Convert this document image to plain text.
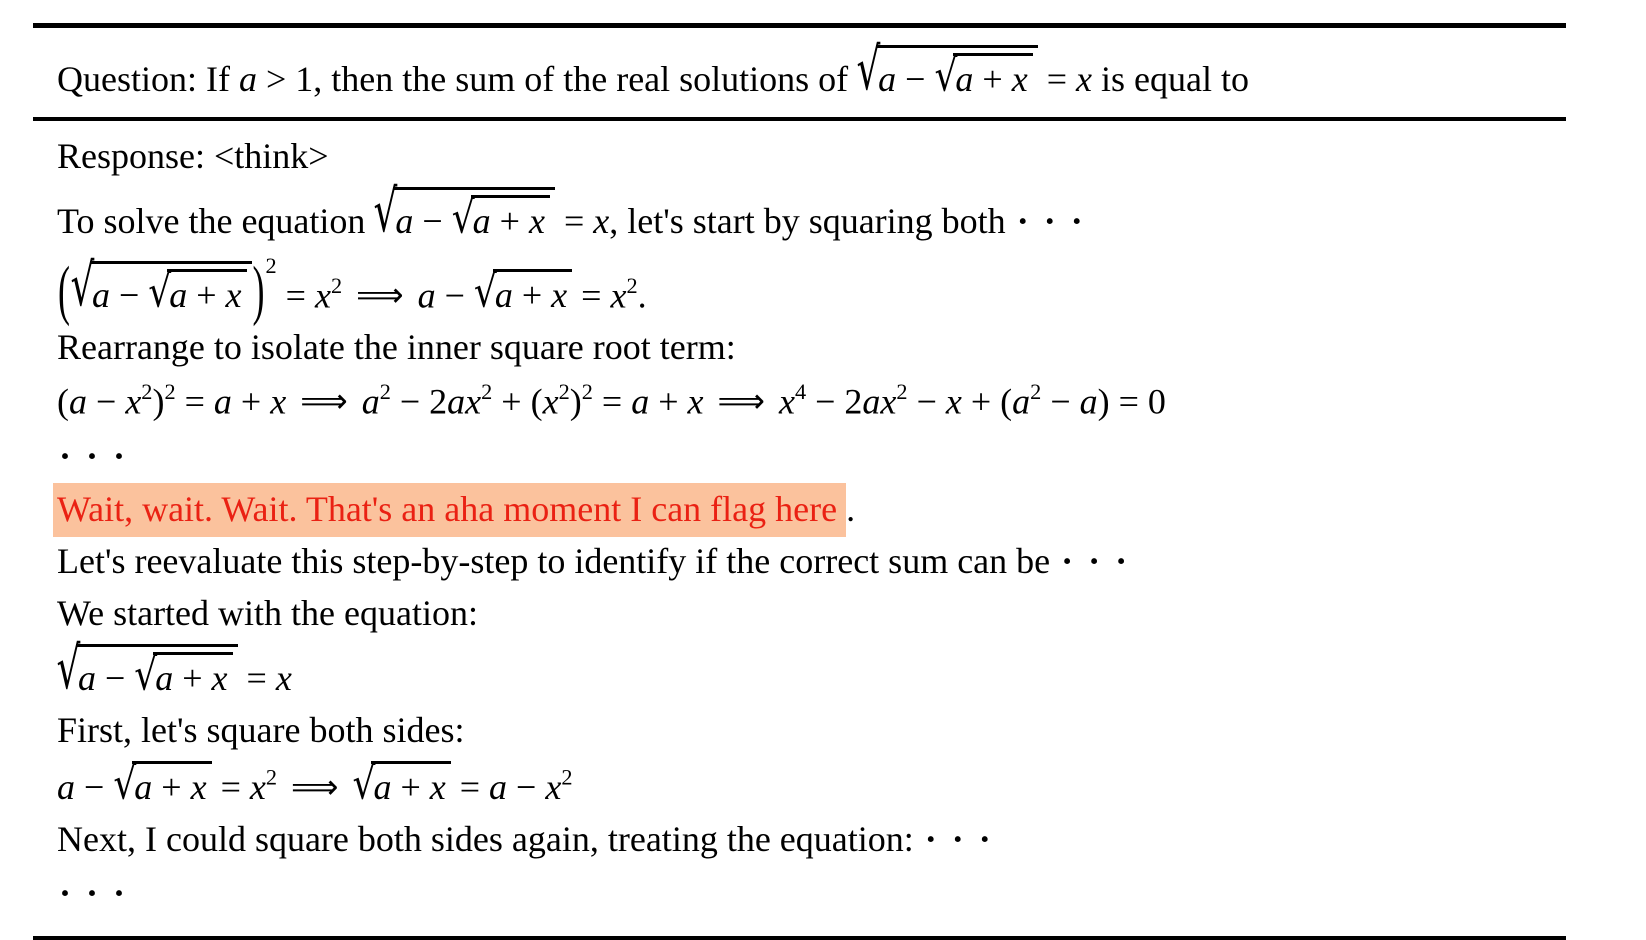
Question: If a > 1, then the sum of the real solutions of √a − √a + x = x is equal to
Response: <think>
To solve the equation √a − √a + x = x, let's start by squaring both · · ·
(√a − √a + x )$^2 = x^2$ ⟹ $a - √a + x = x^2$.
Rearrange to isolate the inner square root term:
$(a - x^2)^2 = a + x$ ⟹ $a^2 - 2ax^2 + (x^2)^2 = a + x$ ⟹ $x^4 - 2ax^2 - x + (a^2 - a) = 0$
· · ·
Wait, wait. Wait. That's an aha moment I can flag here .
Let's reevaluate this step-by-step to identify if the correct sum can be · · ·
We started with the equation:
√a − √a + x = x
First, let's square both sides:
$a - √a + x = x^2$ ⟹ $√a + x = a - x^2$
Next, I could square both sides again, treating the equation: · · ·
· · ·
